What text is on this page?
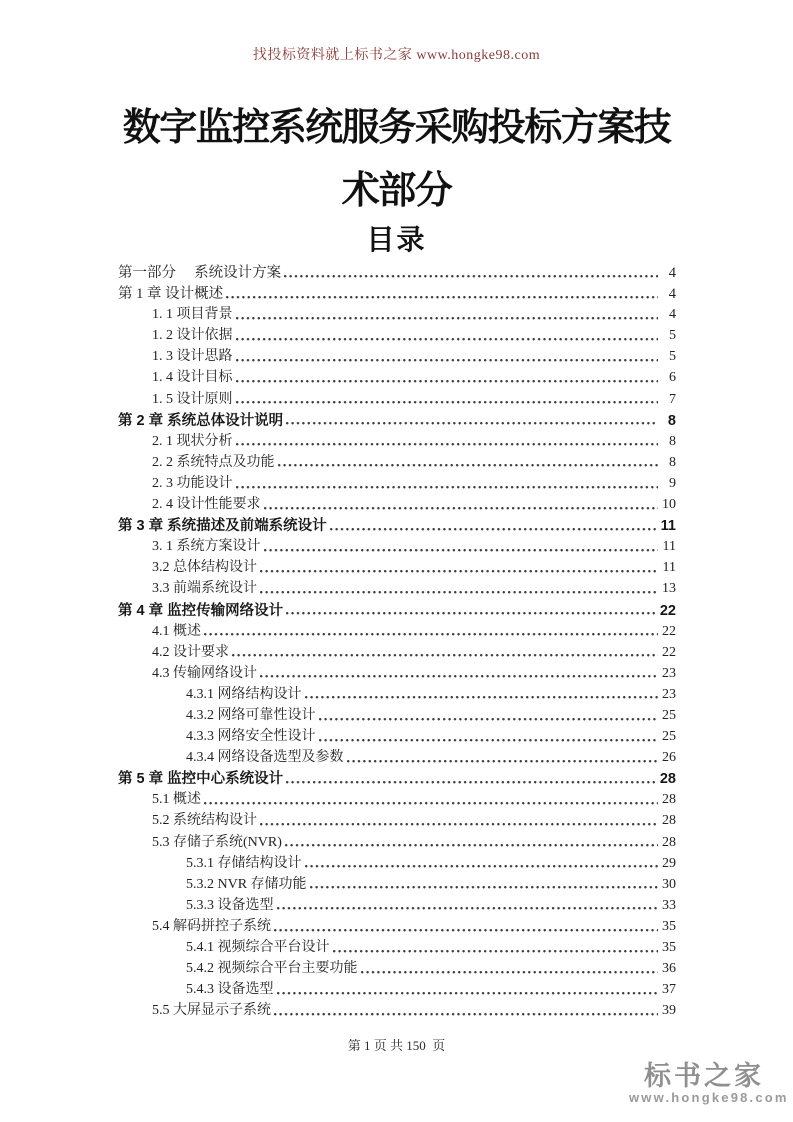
找投标资料就上标书之家 www.hongke98.com
数字监控系统服务采购投标方案技
术部分
目录
第一部分　 系统设计方案	4
第 1 章 设计概述	4
1. 1 项目背景	4
1. 2 设计依据	5
1. 3 设计思路	5
1. 4 设计目标	6
1. 5 设计原则	7
第 2 章 系统总体设计说明	8
2. 1 现状分析	8
2. 2 系统特点及功能	8
2. 3 功能设计	9
2. 4 设计性能要求	10
第 3 章 系统描述及前端系统设计	11
3. 1 系统方案设计	11
3.2 总体结构设计	11
3.3 前端系统设计	13
第 4 章 监控传输网络设计	22
4.1 概述	22
4.2 设计要求	22
4.3 传输网络设计	23
4.3.1 网络结构设计	23
4.3.2 网络可靠性设计	25
4.3.3 网络安全性设计	25
4.3.4 网络设备选型及参数	26
第 5 章 监控中心系统设计	28
5.1 概述	28
5.2 系统结构设计	28
5.3 存储子系统(NVR)	28
5.3.1 存储结构设计	29
5.3.2 NVR 存储功能	30
5.3.3 设备选型	33
5.4 解码拼控子系统	35
5.4.1 视频综合平台设计	35
5.4.2 视频综合平台主要功能	36
5.4.3 设备选型	37
5.5 大屏显示子系统	39
第 1 页 共 150  页
标书之家
www.hongke98.com
